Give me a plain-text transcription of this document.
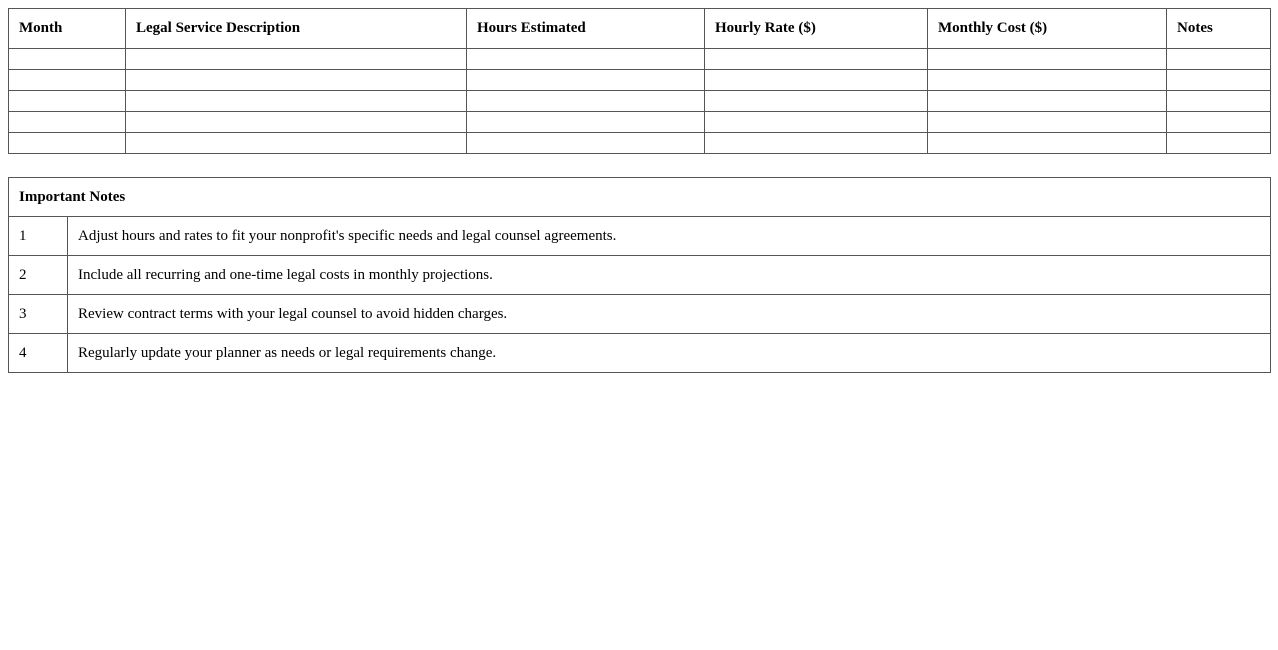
Month	Legal Service Description	Hours Estimated	Hourly Rate ($)	Monthly Cost ($)	Notes

Important Notes	
1	Adjust hours and rates to fit your nonprofit's specific needs and legal counsel agreements.
2	Include all recurring and one-time legal costs in monthly projections.
3	Review contract terms with your legal counsel to avoid hidden charges.
4	Regularly update your planner as needs or legal requirements change.
